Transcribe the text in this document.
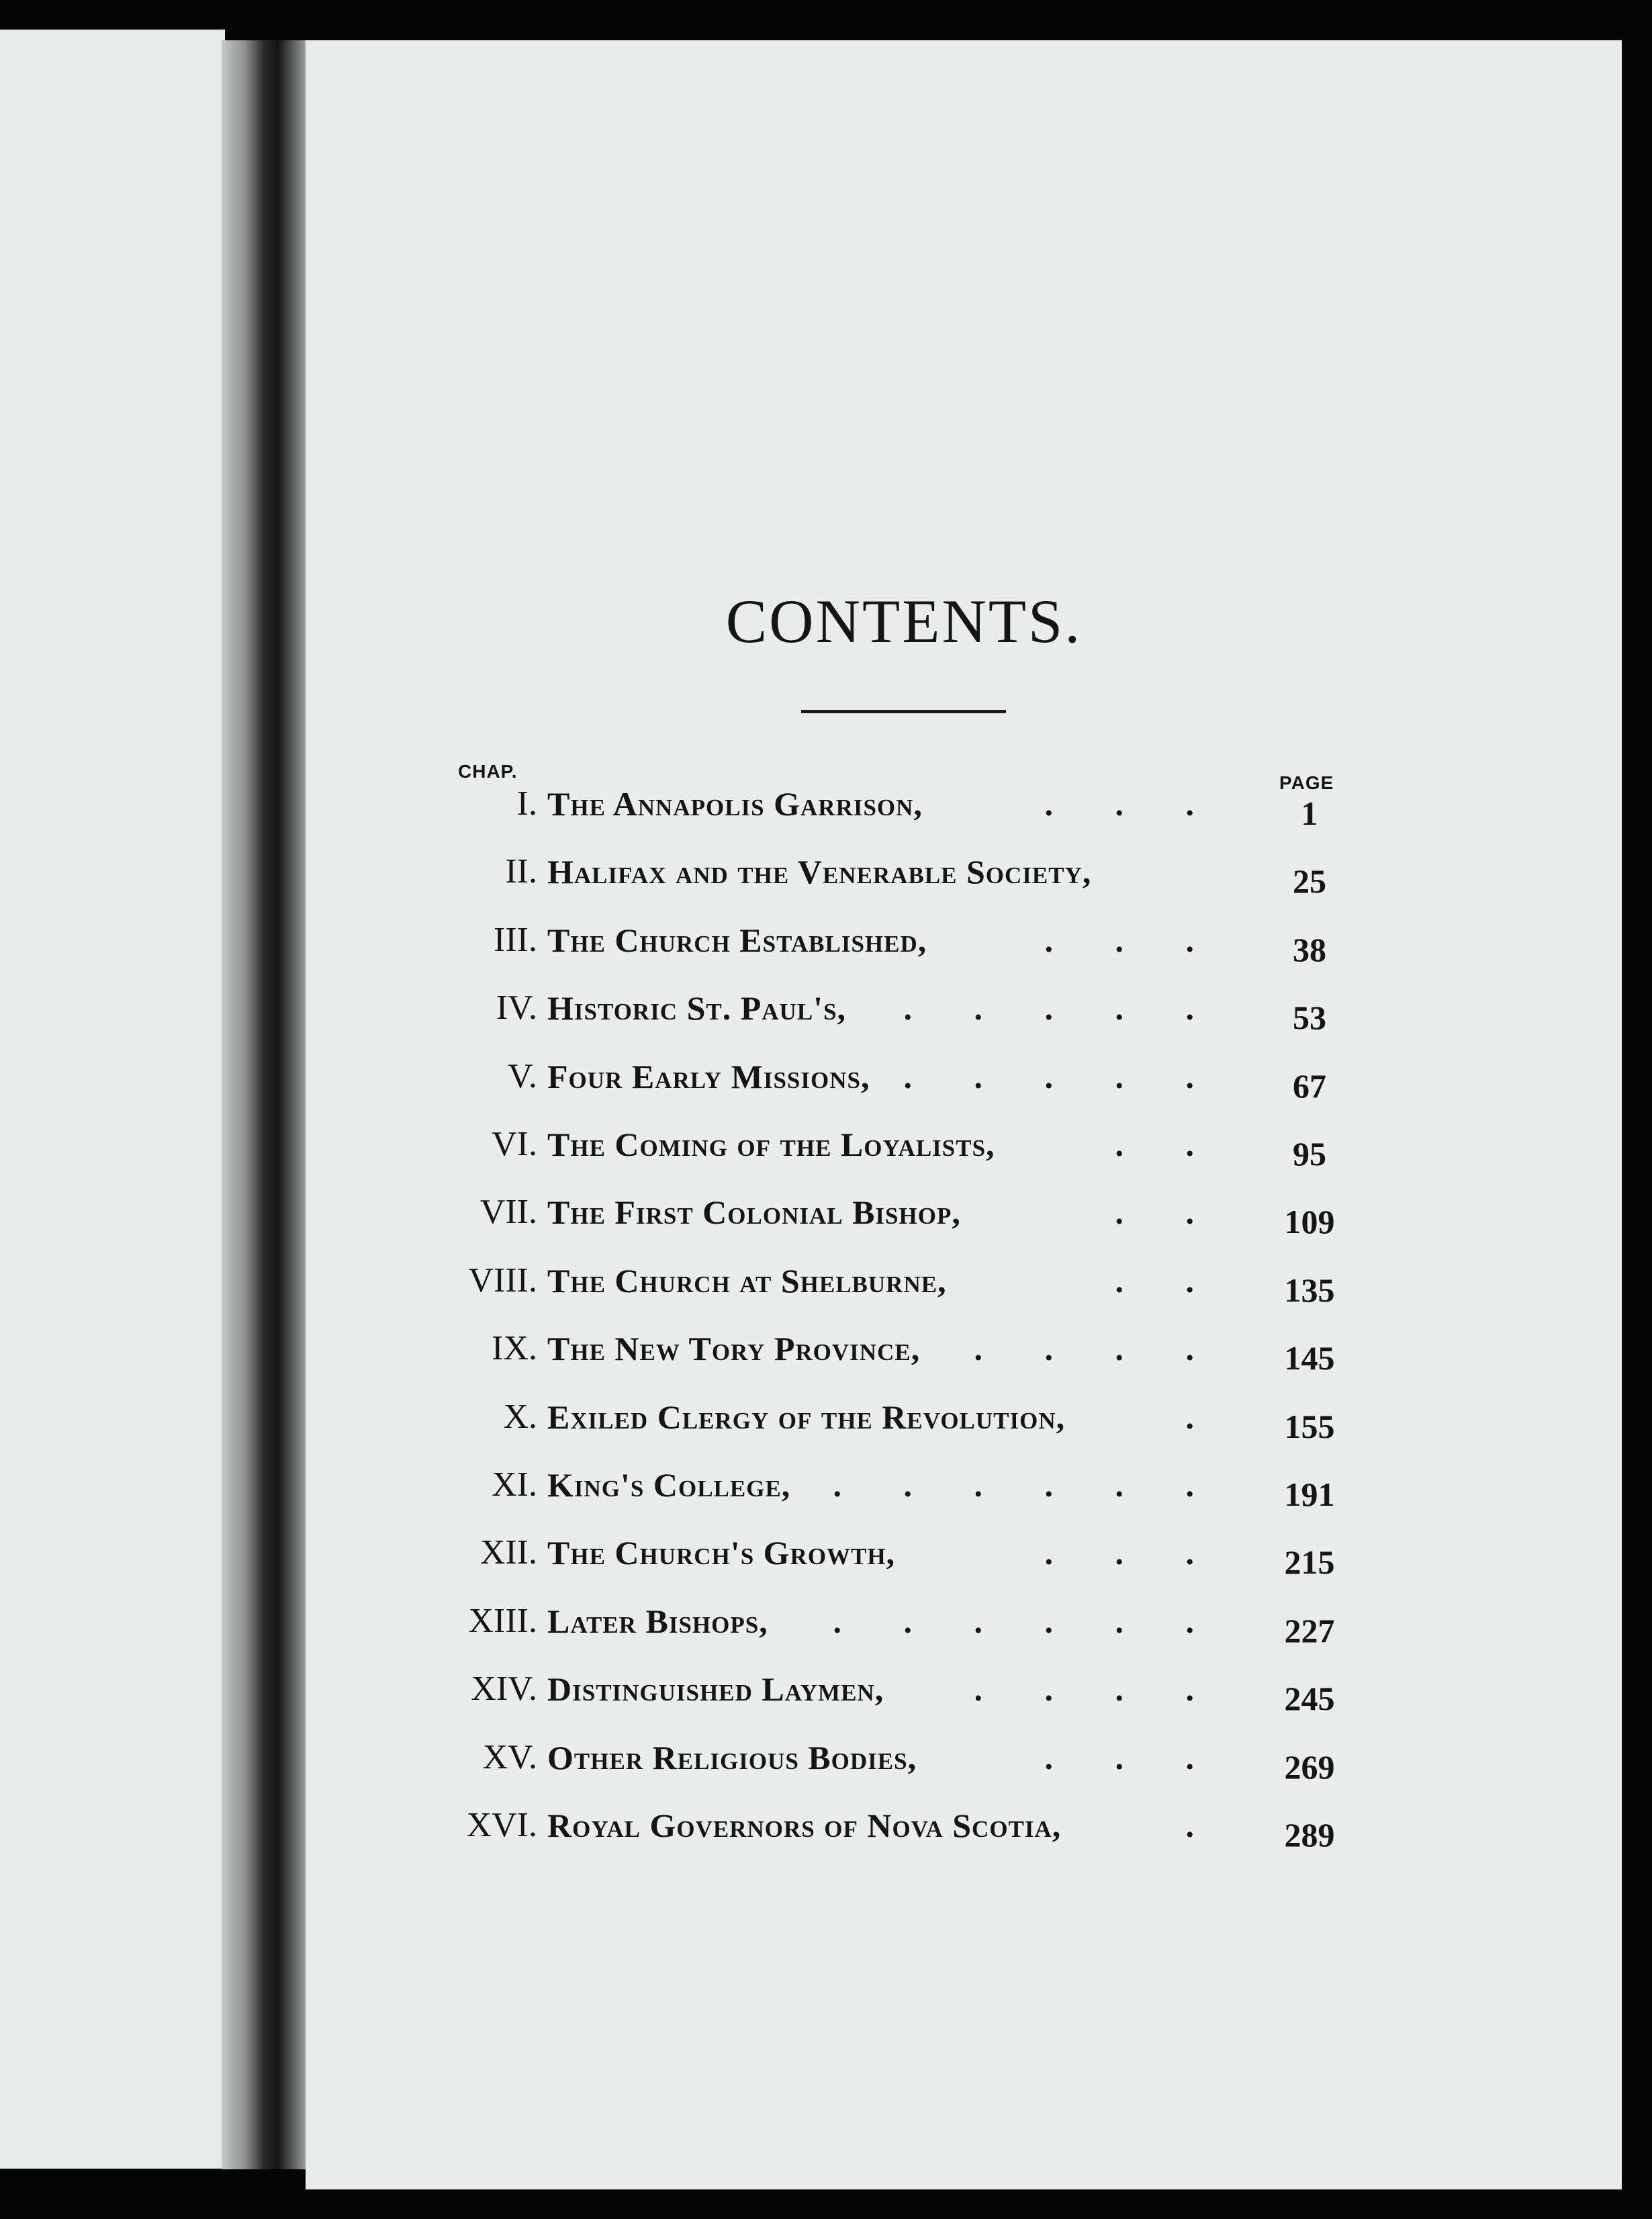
CONTENTS.
CHAP.
PAGE
I. The Annapolis Garrison,	. . .	1
II. Halifax and the Venerable Society,	25
III. The Church Established,	. . .	38
IV. Historic St. Paul's, . . . . .	53
V. Four Early Missions, . . . . .	67
VI. The Coming of the Loyalists,	. .	95
VII. The First Colonial Bishop,	. . 109
VIII. The Church at Shelburne,	. . 135
IX. The New Tory Province, . . . . 145
X. Exiled Clergy of the Revolution,	. 155
XI. King's College, . . . . . . 191
XII. The Church's Growth,	. . . 215
XIII. Later Bishops, . . . . . . 227
XIV. Distinguished Laymen,	. . . . 245
XV. Other Religious Bodies,	. . . 269
XVI. Royal Governors of Nova Scotia,	. 289
